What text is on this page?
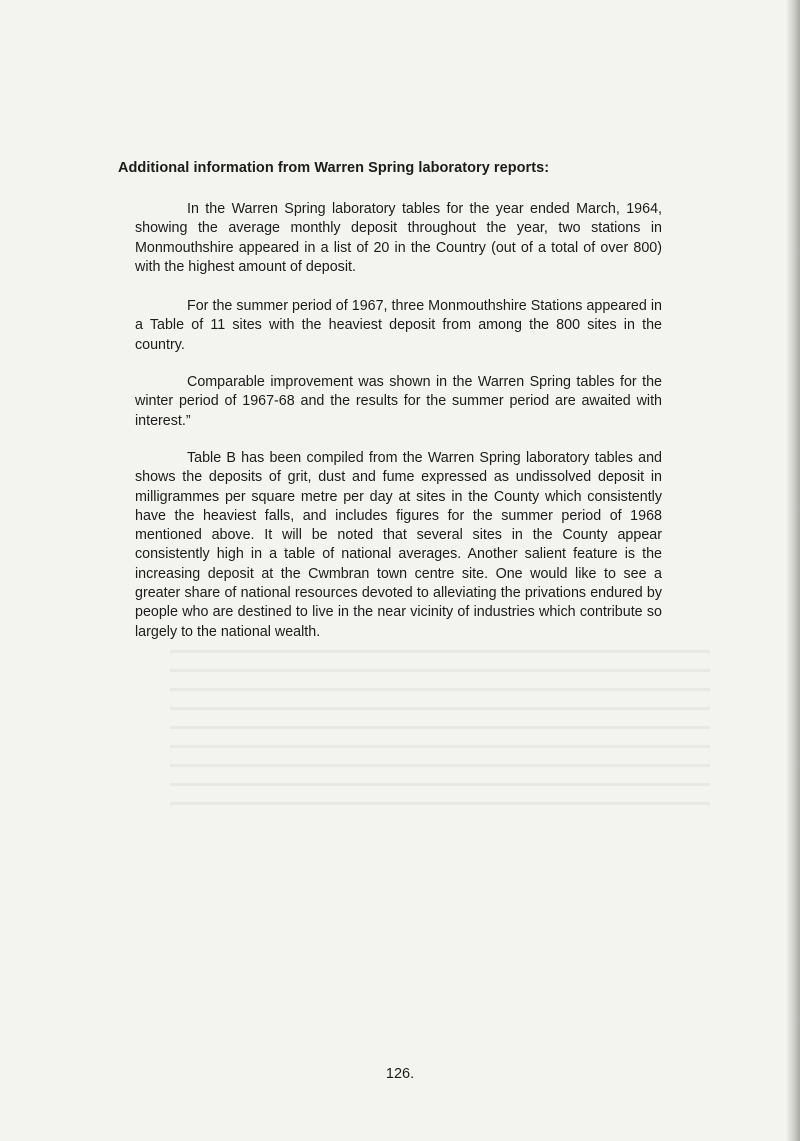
Additional information from Warren Spring laboratory reports:

In the Warren Spring laboratory tables for the year ended March, 1964, showing the average monthly deposit throughout the year, two stations in Monmouthshire appeared in a list of 20 in the Country (out of a total of over 800) with the highest amount of deposit.

For the summer period of 1967, three Monmouthshire Stations appeared in a Table of 11 sites with the heaviest deposit from among the 800 sites in the country.

Comparable improvement was shown in the Warren Spring tables for the winter period of 1967-68 and the results for the summer period are awaited with interest.”

Table B has been compiled from the Warren Spring laboratory tables and shows the deposits of grit, dust and fume expressed as undissolved deposit in milligrammes per square metre per day at sites in the County which consistently have the heaviest falls, and includes figures for the summer period of 1968 mentioned above. It will be noted that several sites in the County appear consistently high in a table of national averages. Another salient feature is the increasing deposit at the Cwmbran town centre site. One would like to see a greater share of national resources devoted to alleviating the privations endured by people who are destined to live in the near vicinity of industries which contribute so largely to the national wealth.

126.
